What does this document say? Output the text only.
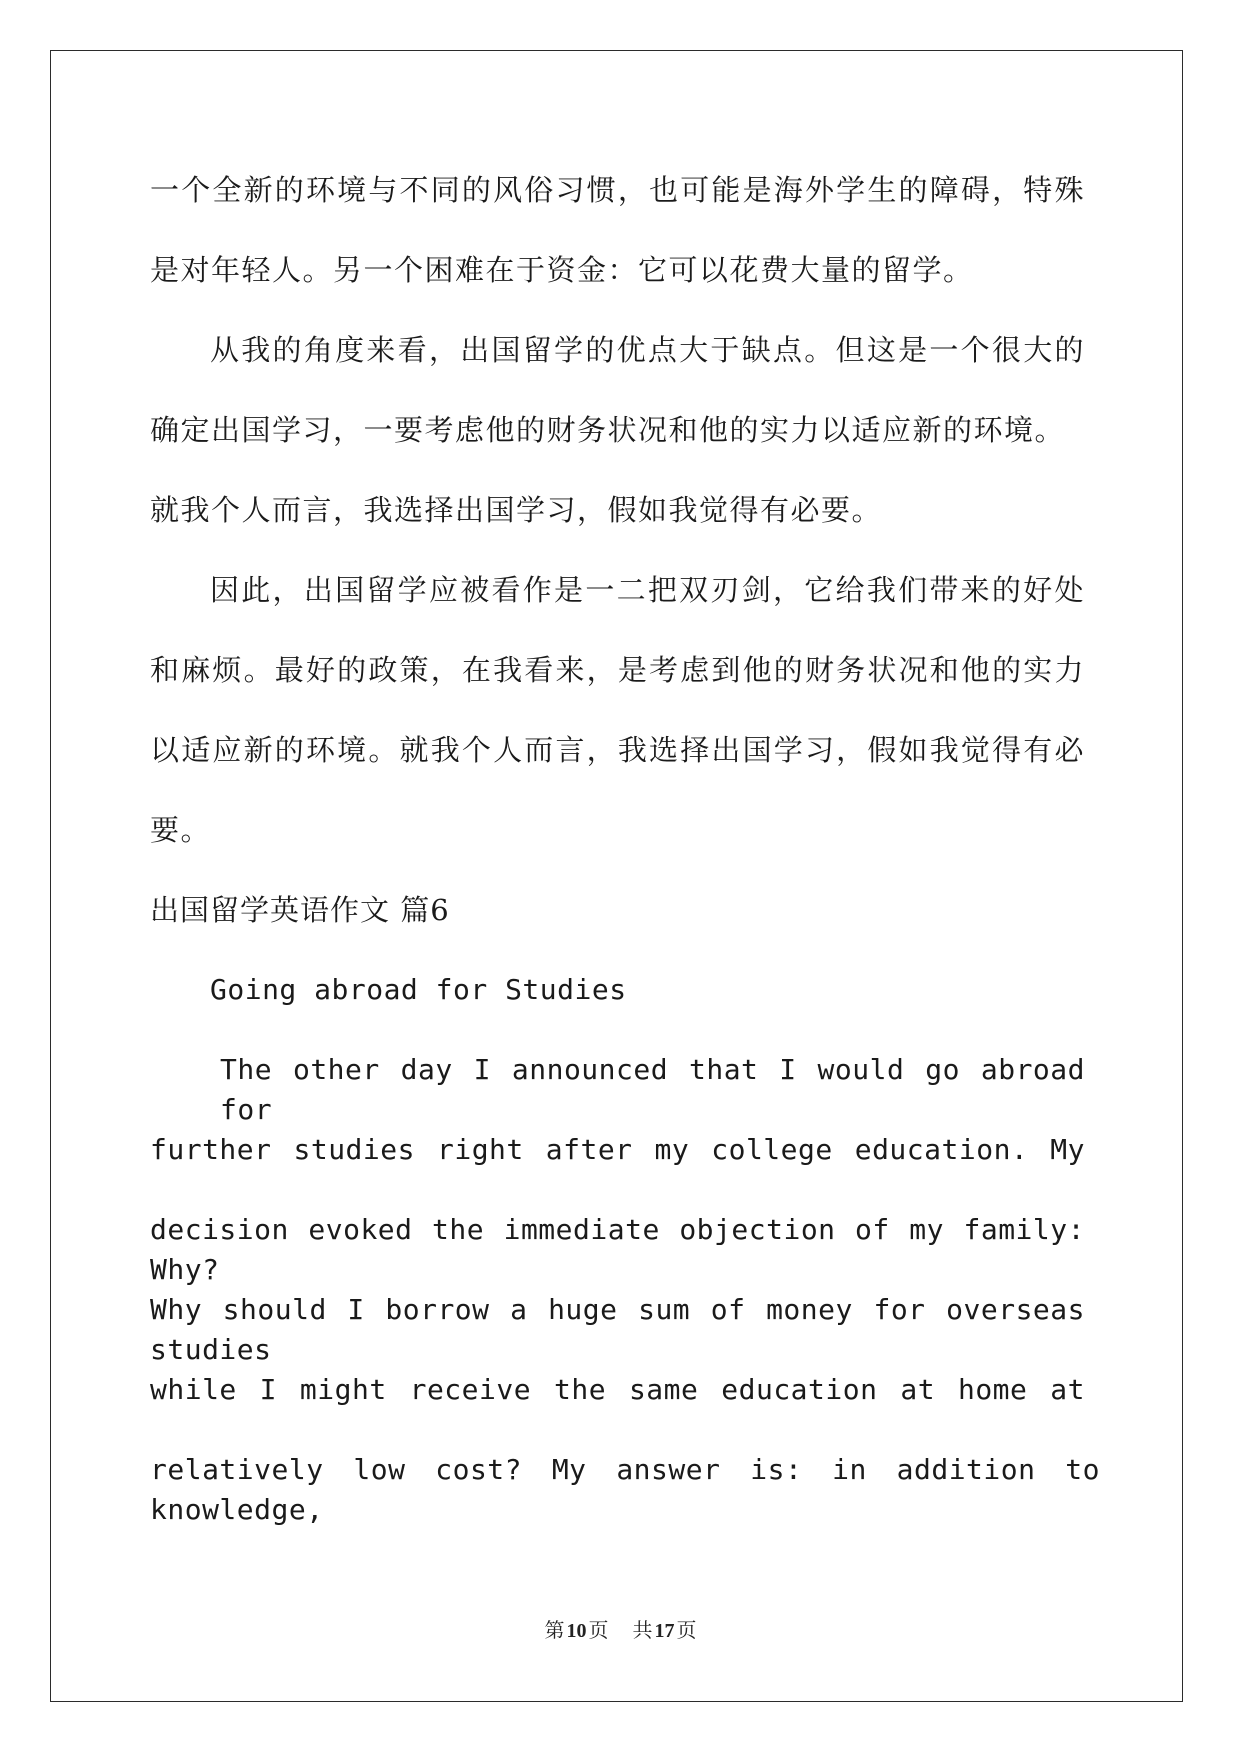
一个全新的环境与不同的风俗习惯，也可能是海外学生的障碍，特殊
是对年轻人。另一个困难在于资金：它可以花费大量的留学。
从我的角度来看，出国留学的优点大于缺点。但这是一个很大的
确定出国学习，一要考虑他的财务状况和他的实力以适应新的环境。
就我个人而言，我选择出国学习，假如我觉得有必要。
因此，出国留学应被看作是一二把双刃剑，它给我们带来的好处
和麻烦。最好的政策，在我看来，是考虑到他的财务状况和他的实力
以适应新的环境。就我个人而言，我选择出国学习，假如我觉得有必
要。
出国留学英语作文 篇6
Going abroad for Studies
The other day I announced that I would go abroad for
further studies right after my college education. My
decision evoked the immediate objection of my family: Why?
Why should I borrow a huge sum of money for overseas studies
while I might receive the same education at home at
relatively low cost? My answer is: in addition to knowledge,
第 10 页 共 17 页
